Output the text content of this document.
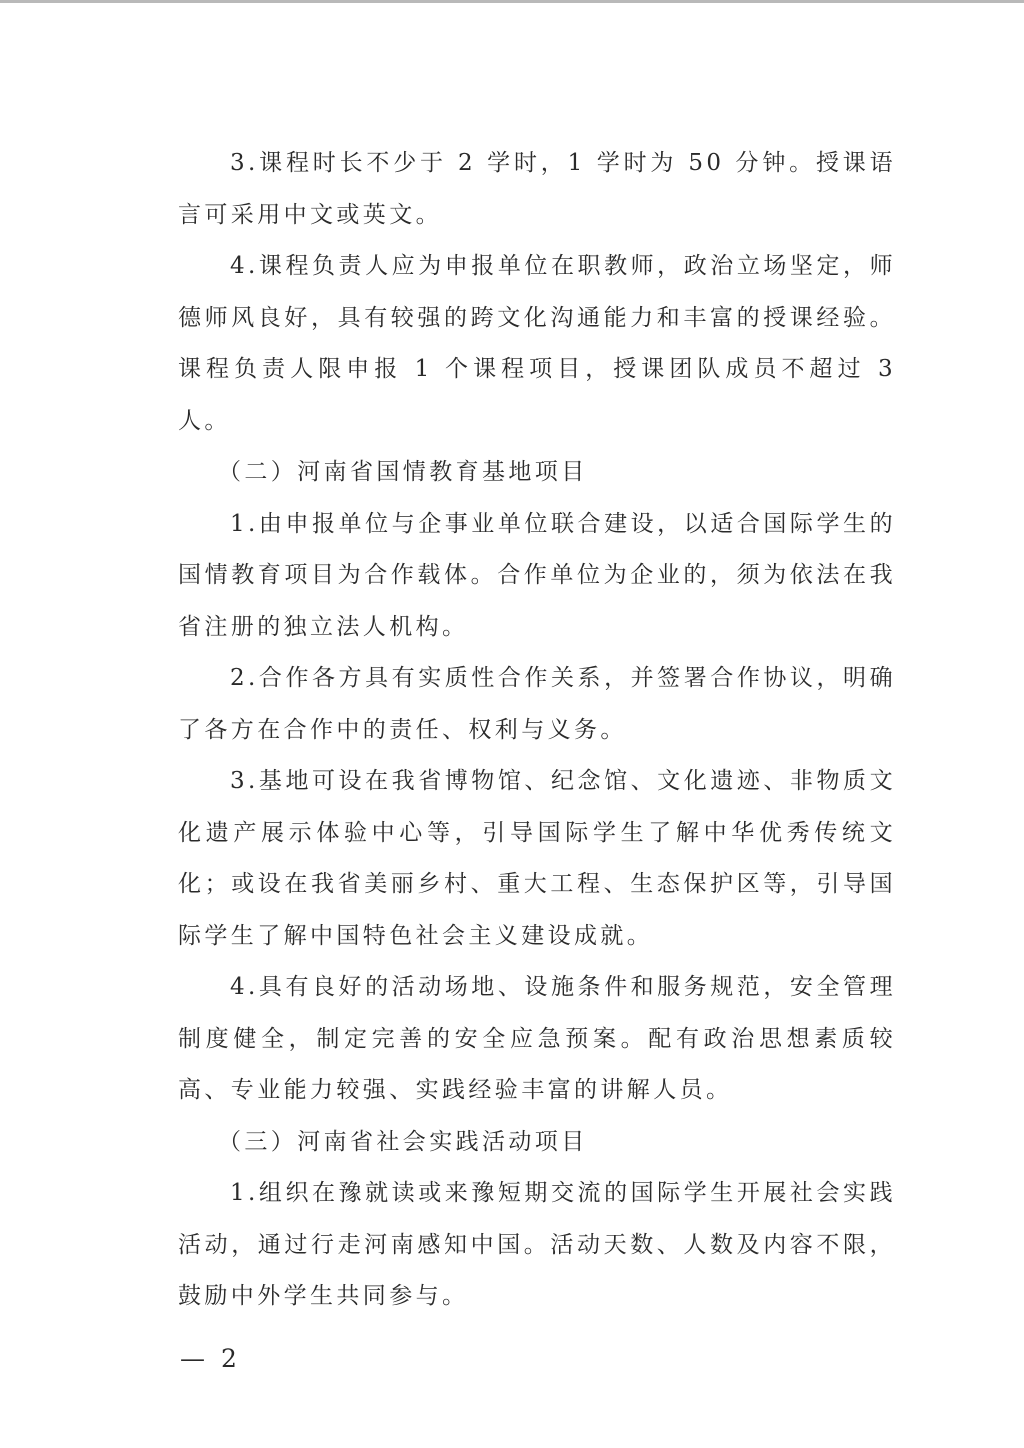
3.课程时长不少于 2 学时，1 学时为 50 分钟。授课语言可采用中文或英文。

4.课程负责人应为申报单位在职教师，政治立场坚定，师德师风良好，具有较强的跨文化沟通能力和丰富的授课经验。课程负责人限申报 1 个课程项目，授课团队成员不超过 3 人。

（二）河南省国情教育基地项目

1.由申报单位与企事业单位联合建设，以适合国际学生的国情教育项目为合作载体。合作单位为企业的，须为依法在我省注册的独立法人机构。

2.合作各方具有实质性合作关系，并签署合作协议，明确了各方在合作中的责任、权利与义务。

3.基地可设在我省博物馆、纪念馆、文化遗迹、非物质文化遗产展示体验中心等，引导国际学生了解中华优秀传统文化；或设在我省美丽乡村、重大工程、生态保护区等，引导国际学生了解中国特色社会主义建设成就。

4.具有良好的活动场地、设施条件和服务规范，安全管理制度健全，制定完善的安全应急预案。配有政治思想素质较高、专业能力较强、实践经验丰富的讲解人员。

（三）河南省社会实践活动项目

1.组织在豫就读或来豫短期交流的国际学生开展社会实践活动，通过行走河南感知中国。活动天数、人数及内容不限，鼓励中外学生共同参与。

— 2
